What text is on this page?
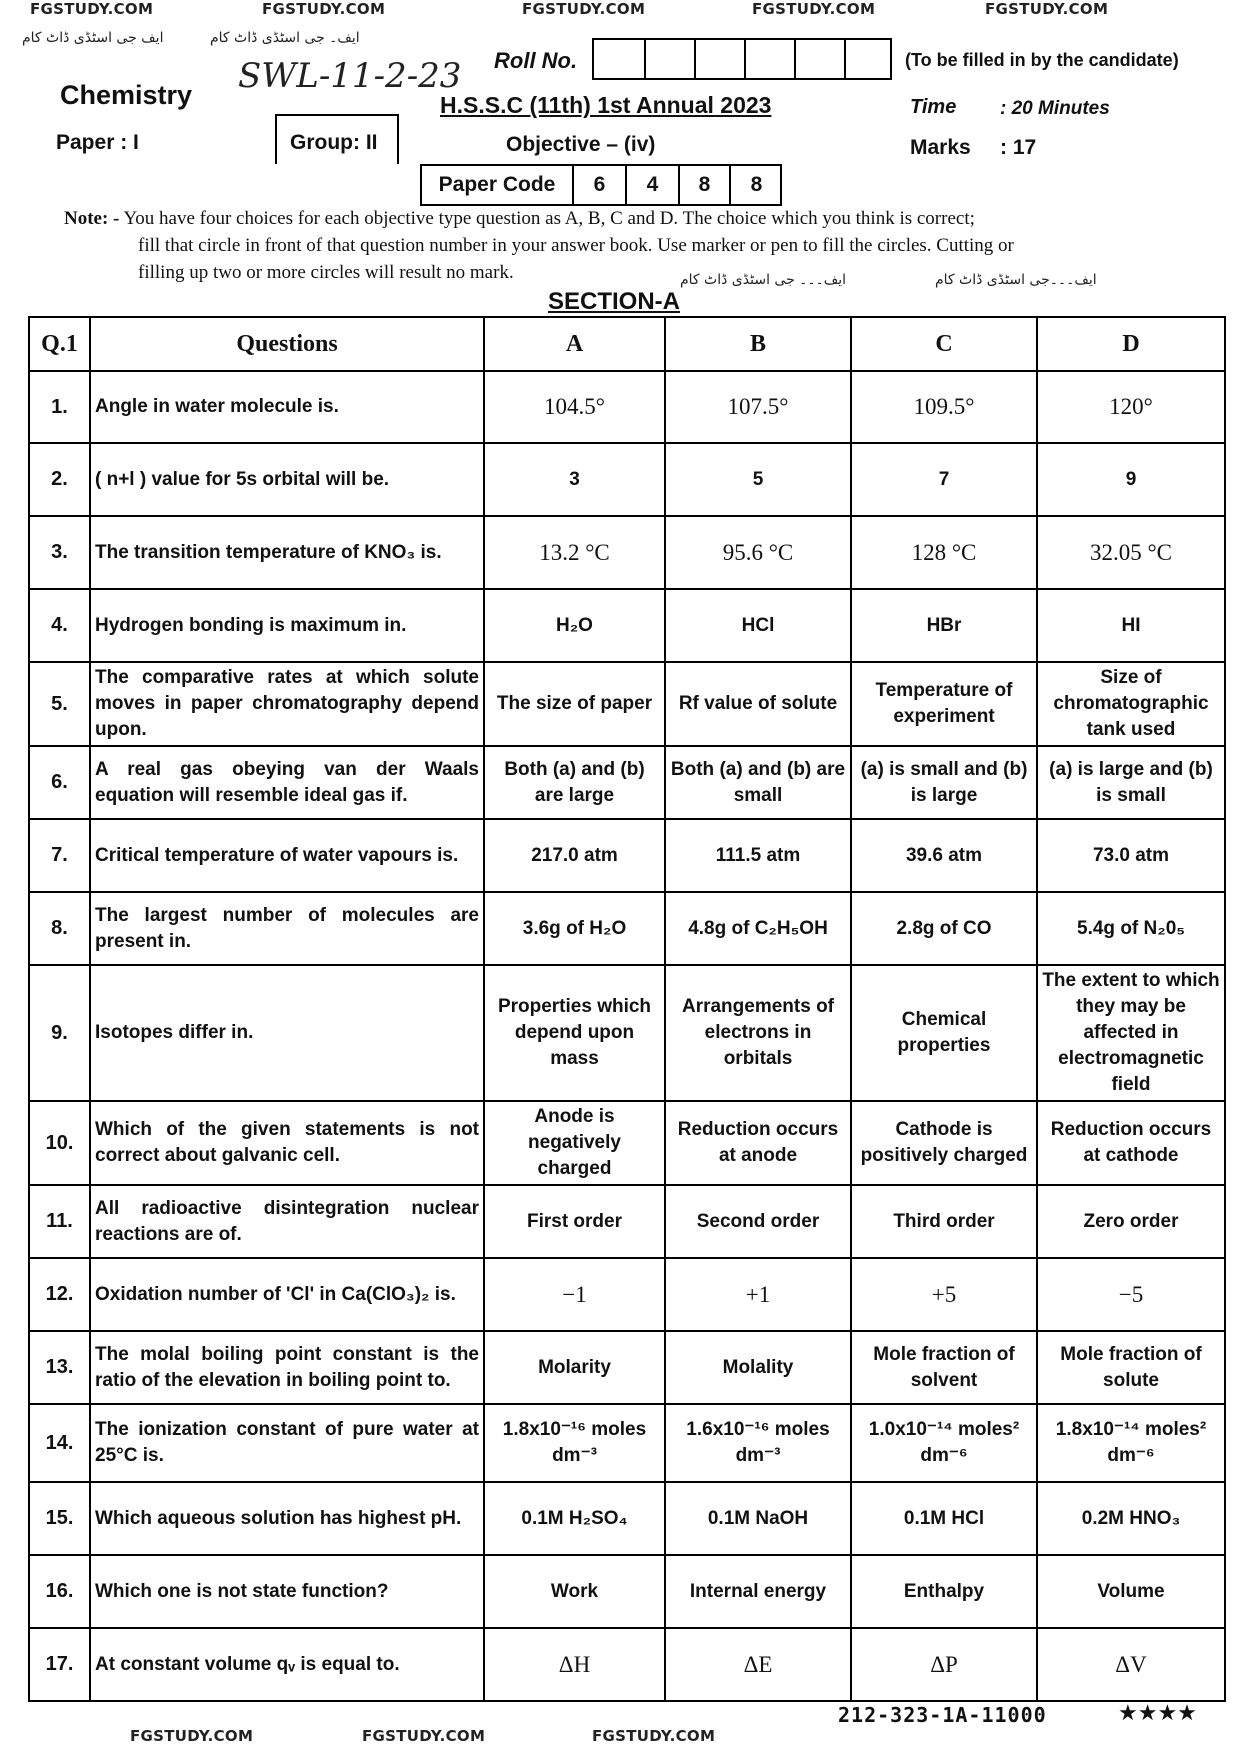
FGSTUDY.COM	FGSTUDY.COM	FGSTUDY.COM	FGSTUDY.COM	FGSTUDY.COM
ایف جی اسٹڈی ڈاٹ کام	ایف۔ جی اسٹڈی ڈاٹ کام
Chemistry SWL-11-2-23 Roll No.	(To be filled in by the candidate)
H.S.S.C (11th) 1st Annual 2023	Time : 20 Minutes
Paper : I	Group: II	Objective – (iv)	Marks : 17
Paper Code	6	4	8	8
Note: - You have four choices for each objective type question as A, B, C and D. The choice which you think is correct;
fill that circle in front of that question number in your answer book. Use marker or pen to fill the circles. Cutting or
filling up two or more circles will result no mark.	ایف۔۔۔ جی اسٹڈی ڈاٹ کام	ایف۔۔۔جی اسٹڈی ڈاٹ کام
SECTION-A
Q.1	Questions	A	B	C	D
1.	Angle in water molecule is.	104.5°	107.5°	109.5°	120°
2.	( n+l ) value for 5s orbital will be.	3	5	7	9
3.	The transition temperature of KNO₃ is.	13.2 °C	95.6 °C	128 °C	32.05 °C
4.	Hydrogen bonding is maximum in.	H₂O	HCl	HBr	HI
5.	The comparative rates at which solute moves in paper chromatography depend upon.	The size of paper	Rf value of solute	Temperature of experiment	Size of chromatographic tank used
6.	A real gas obeying van der Waals equation will resemble ideal gas if.	Both (a) and (b) are large	Both (a) and (b) are small	(a) is small and (b) is large	(a) is large and (b) is small
7.	Critical temperature of water vapours is.	217.0 atm	111.5 atm	39.6 atm	73.0 atm
8.	The largest number of molecules are present in.	3.6g of H₂O	4.8g of C₂H₅OH	2.8g of CO	5.4g of N₂0₅
9.	Isotopes differ in.	Properties which depend upon mass	Arrangements of electrons in orbitals	Chemical properties	The extent to which they may be affected in electromagnetic field
10.	Which of the given statements is not correct about galvanic cell.	Anode is negatively charged	Reduction occurs at anode	Cathode is positively charged	Reduction occurs at cathode
11.	All radioactive disintegration nuclear reactions are of.	First order	Second order	Third order	Zero order
12.	Oxidation number of 'Cl' in Ca(ClO₃)₂ is.	−1	+1	+5	−5
13.	The molal boiling point constant is the ratio of the elevation in boiling point to.	Molarity	Molality	Mole fraction of solvent	Mole fraction of solute
14.	The ionization constant of pure water at 25°C is.	1.8x10⁻¹⁶ moles dm⁻³	1.6x10⁻¹⁶ moles dm⁻³	1.0x10⁻¹⁴ moles² dm⁻⁶	1.8x10⁻¹⁴ moles² dm⁻⁶
15.	Which aqueous solution has highest pH.	0.1M H₂SO₄	0.1M NaOH	0.1M HCl	0.2M HNO₃
16.	Which one is not state function?	Work	Internal energy	Enthalpy	Volume
17.	At constant volume qᵥ is equal to.	ΔH	ΔE	ΔP	ΔV
212-323-1A-11000	★★★★
FGSTUDY.COM	FGSTUDY.COM	FGSTUDY.COM
